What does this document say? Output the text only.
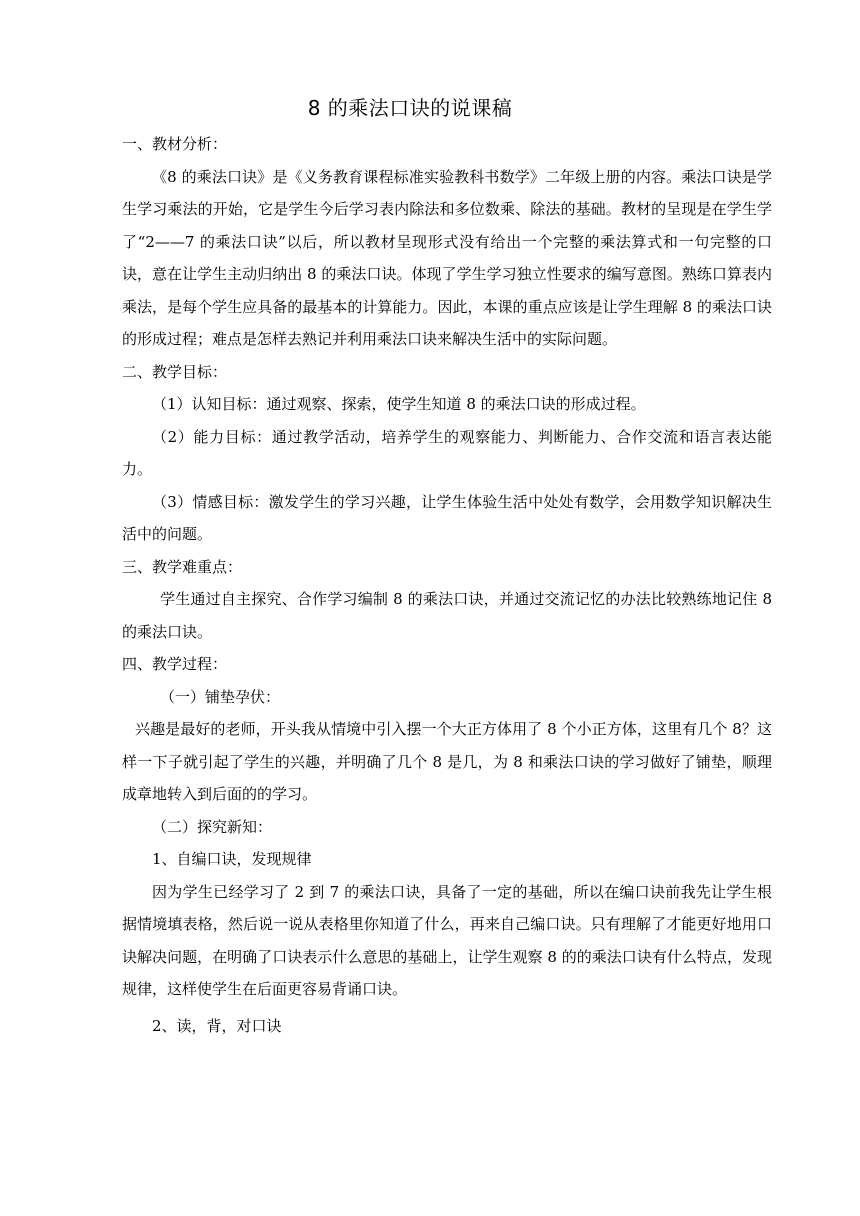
8 的乘法口诀的说课稿

一、教材分析：

《8 的乘法口诀》是《义务教育课程标准实验教科书数学》二年级上册的内容。乘法口诀是学生学习乘法的开始，它是学生今后学习表内除法和多位数乘、除法的基础。教材的呈现是在学生学了“2——7 的乘法口诀”以后，所以教材呈现形式没有给出一个完整的乘法算式和一句完整的口诀，意在让学生主动归纳出 8 的乘法口诀。体现了学生学习独立性要求的编写意图。熟练口算表内乘法，是每个学生应具备的最基本的计算能力。因此，本课的重点应该是让学生理解 8 的乘法口诀的形成过程；难点是怎样去熟记并利用乘法口诀来解决生活中的实际问题。

二、教学目标：

（1）认知目标：通过观察、探索，使学生知道 8 的乘法口诀的形成过程。

（2）能力目标：通过教学活动，培养学生的观察能力、判断能力、合作交流和语言表达能力。

（3）情感目标：激发学生的学习兴趣，让学生体验生活中处处有数学，会用数学知识解决生活中的问题。

三、教学难重点：

学生通过自主探究、合作学习编制 8 的乘法口诀，并通过交流记忆的办法比较熟练地记住 8 的乘法口诀。

四、教学过程：

（一）铺垫孕伏：

兴趣是最好的老师，开头我从情境中引入摆一个大正方体用了 8 个小正方体，这里有几个 8？这样一下子就引起了学生的兴趣，并明确了几个 8 是几，为 8 和乘法口诀的学习做好了铺垫，顺理成章地转入到后面的的学习。

（二）探究新知：

1、自编口诀，发现规律

因为学生已经学习了 2 到 7 的乘法口诀，具备了一定的基础，所以在编口诀前我先让学生根据情境填表格，然后说一说从表格里你知道了什么，再来自己编口诀。只有理解了才能更好地用口诀解决问题，在明确了口诀表示什么意思的基础上，让学生观察 8 的的乘法口诀有什么特点，发现规律，这样使学生在后面更容易背诵口诀。

2、读，背，对口诀
